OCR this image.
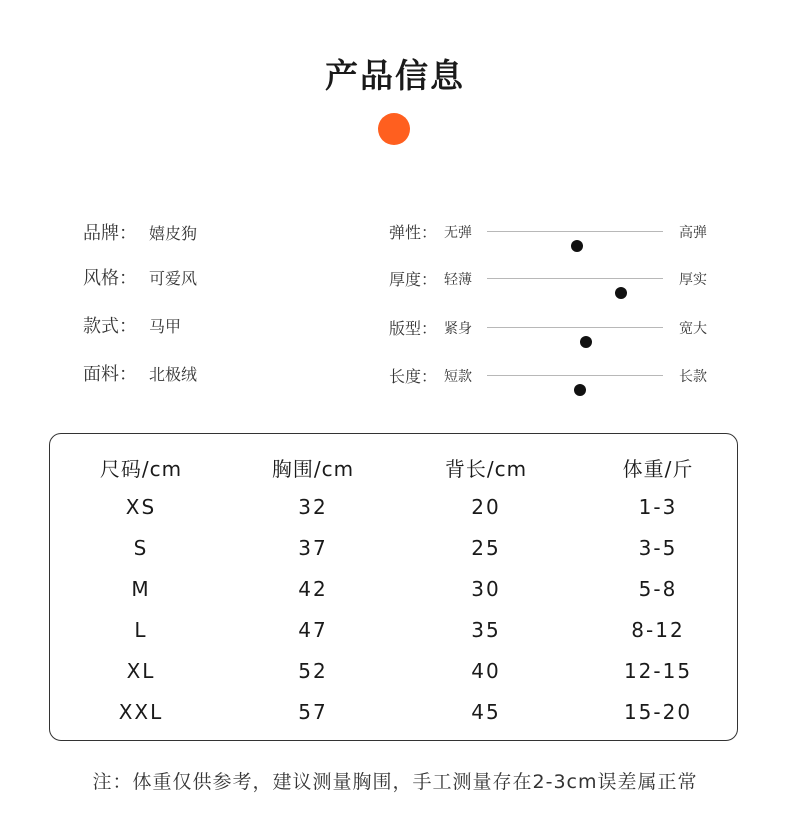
产品信息
品牌： 嬉皮狗
风格： 可爱风
款式： 马甲
面料： 北极绒
弹性： 无弹	高弹
厚度： 轻薄	厚实
版型： 紧身	宽大
长度： 短款	长款
尺码/cm	胸围/cm	背长/cm	体重/斤
XS	32	20	1-3
S	37	25	3-5
M	42	30	5-8
L	47	35	8-12
XL	52	40	12-15
XXL	57	45	15-20
注：体重仅供参考，建议测量胸围，手工测量存在2-3cm误差属正常
